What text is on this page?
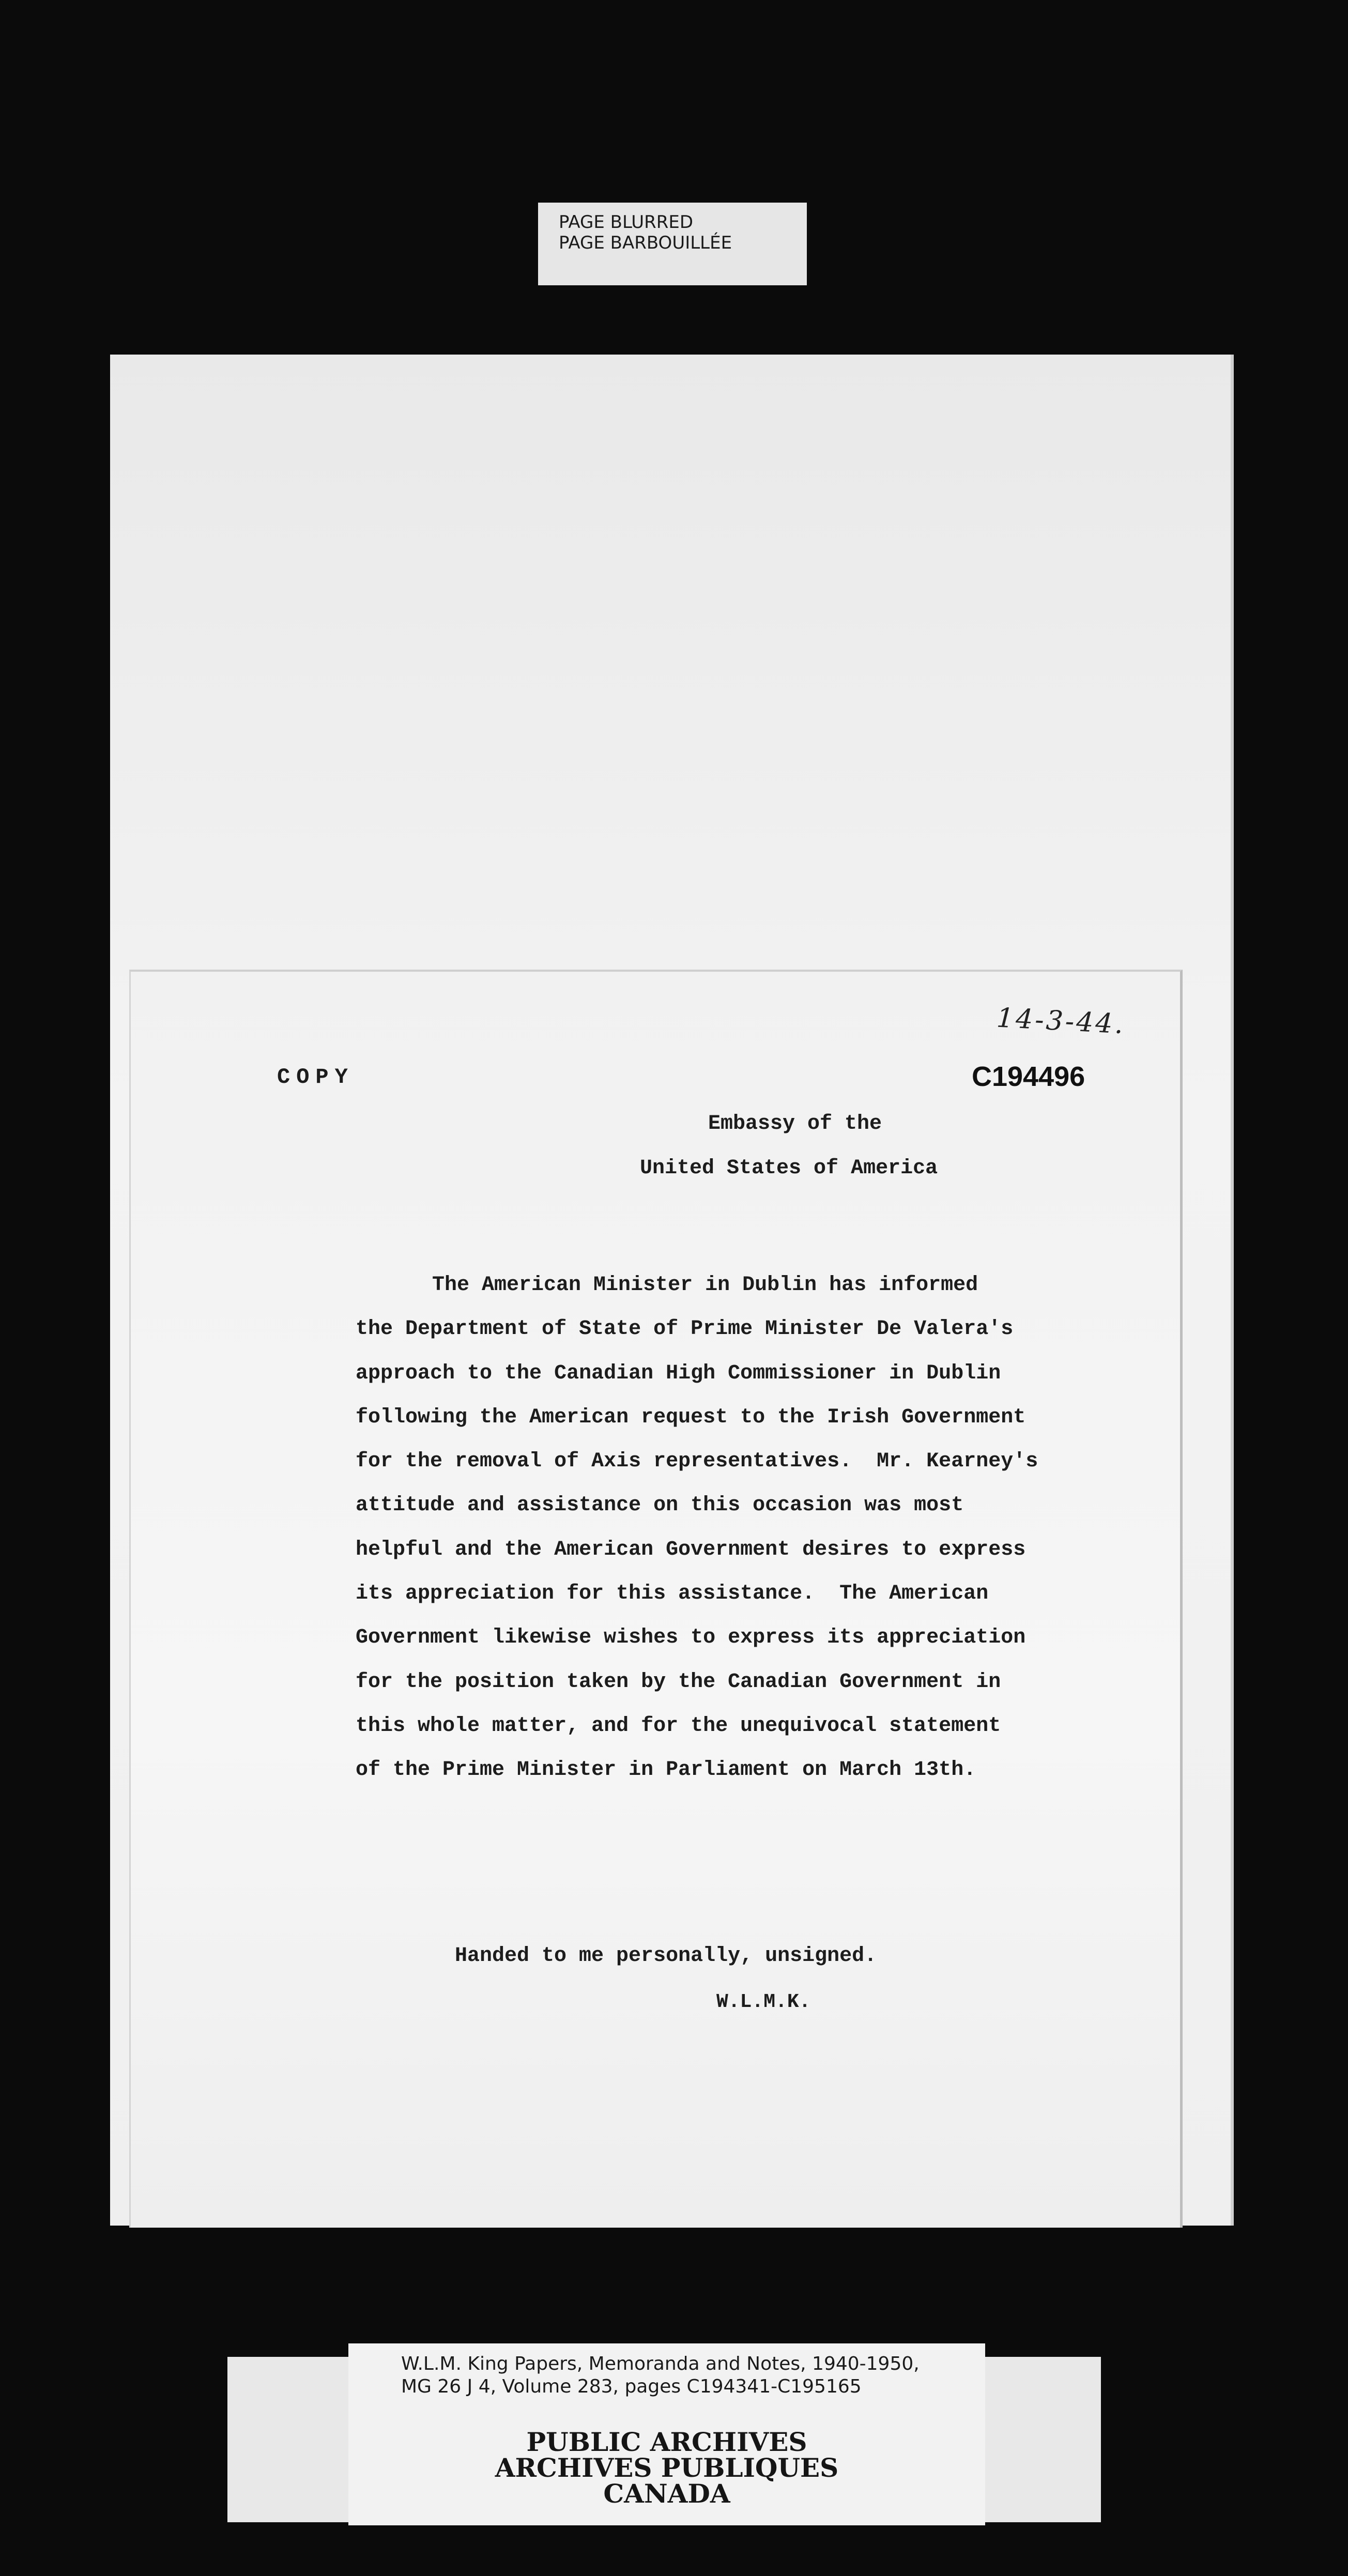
PAGE BLURRED
PAGE BARBOUILLÉE
14-3-44.
COPY	C194496
Embassy of the
United States of America
The American Minister in Dublin has informed
the Department of State of Prime Minister De Valera's
approach to the Canadian High Commissioner in Dublin
following the American request to the Irish Government
for the removal of Axis representatives.  Mr. Kearney's
attitude and assistance on this occasion was most
helpful and the American Government desires to express
its appreciation for this assistance.  The American
Government likewise wishes to express its appreciation
for the position taken by the Canadian Government in
this whole matter, and for the unequivocal statement
of the Prime Minister in Parliament on March 13th.
Handed to me personally, unsigned.
W.L.M.K.
W.L.M. King Papers, Memoranda and Notes, 1940-1950,
MG 26 J 4, Volume 283, pages C194341-C195165
PUBLIC ARCHIVES
ARCHIVES PUBLIQUES
CANADA
